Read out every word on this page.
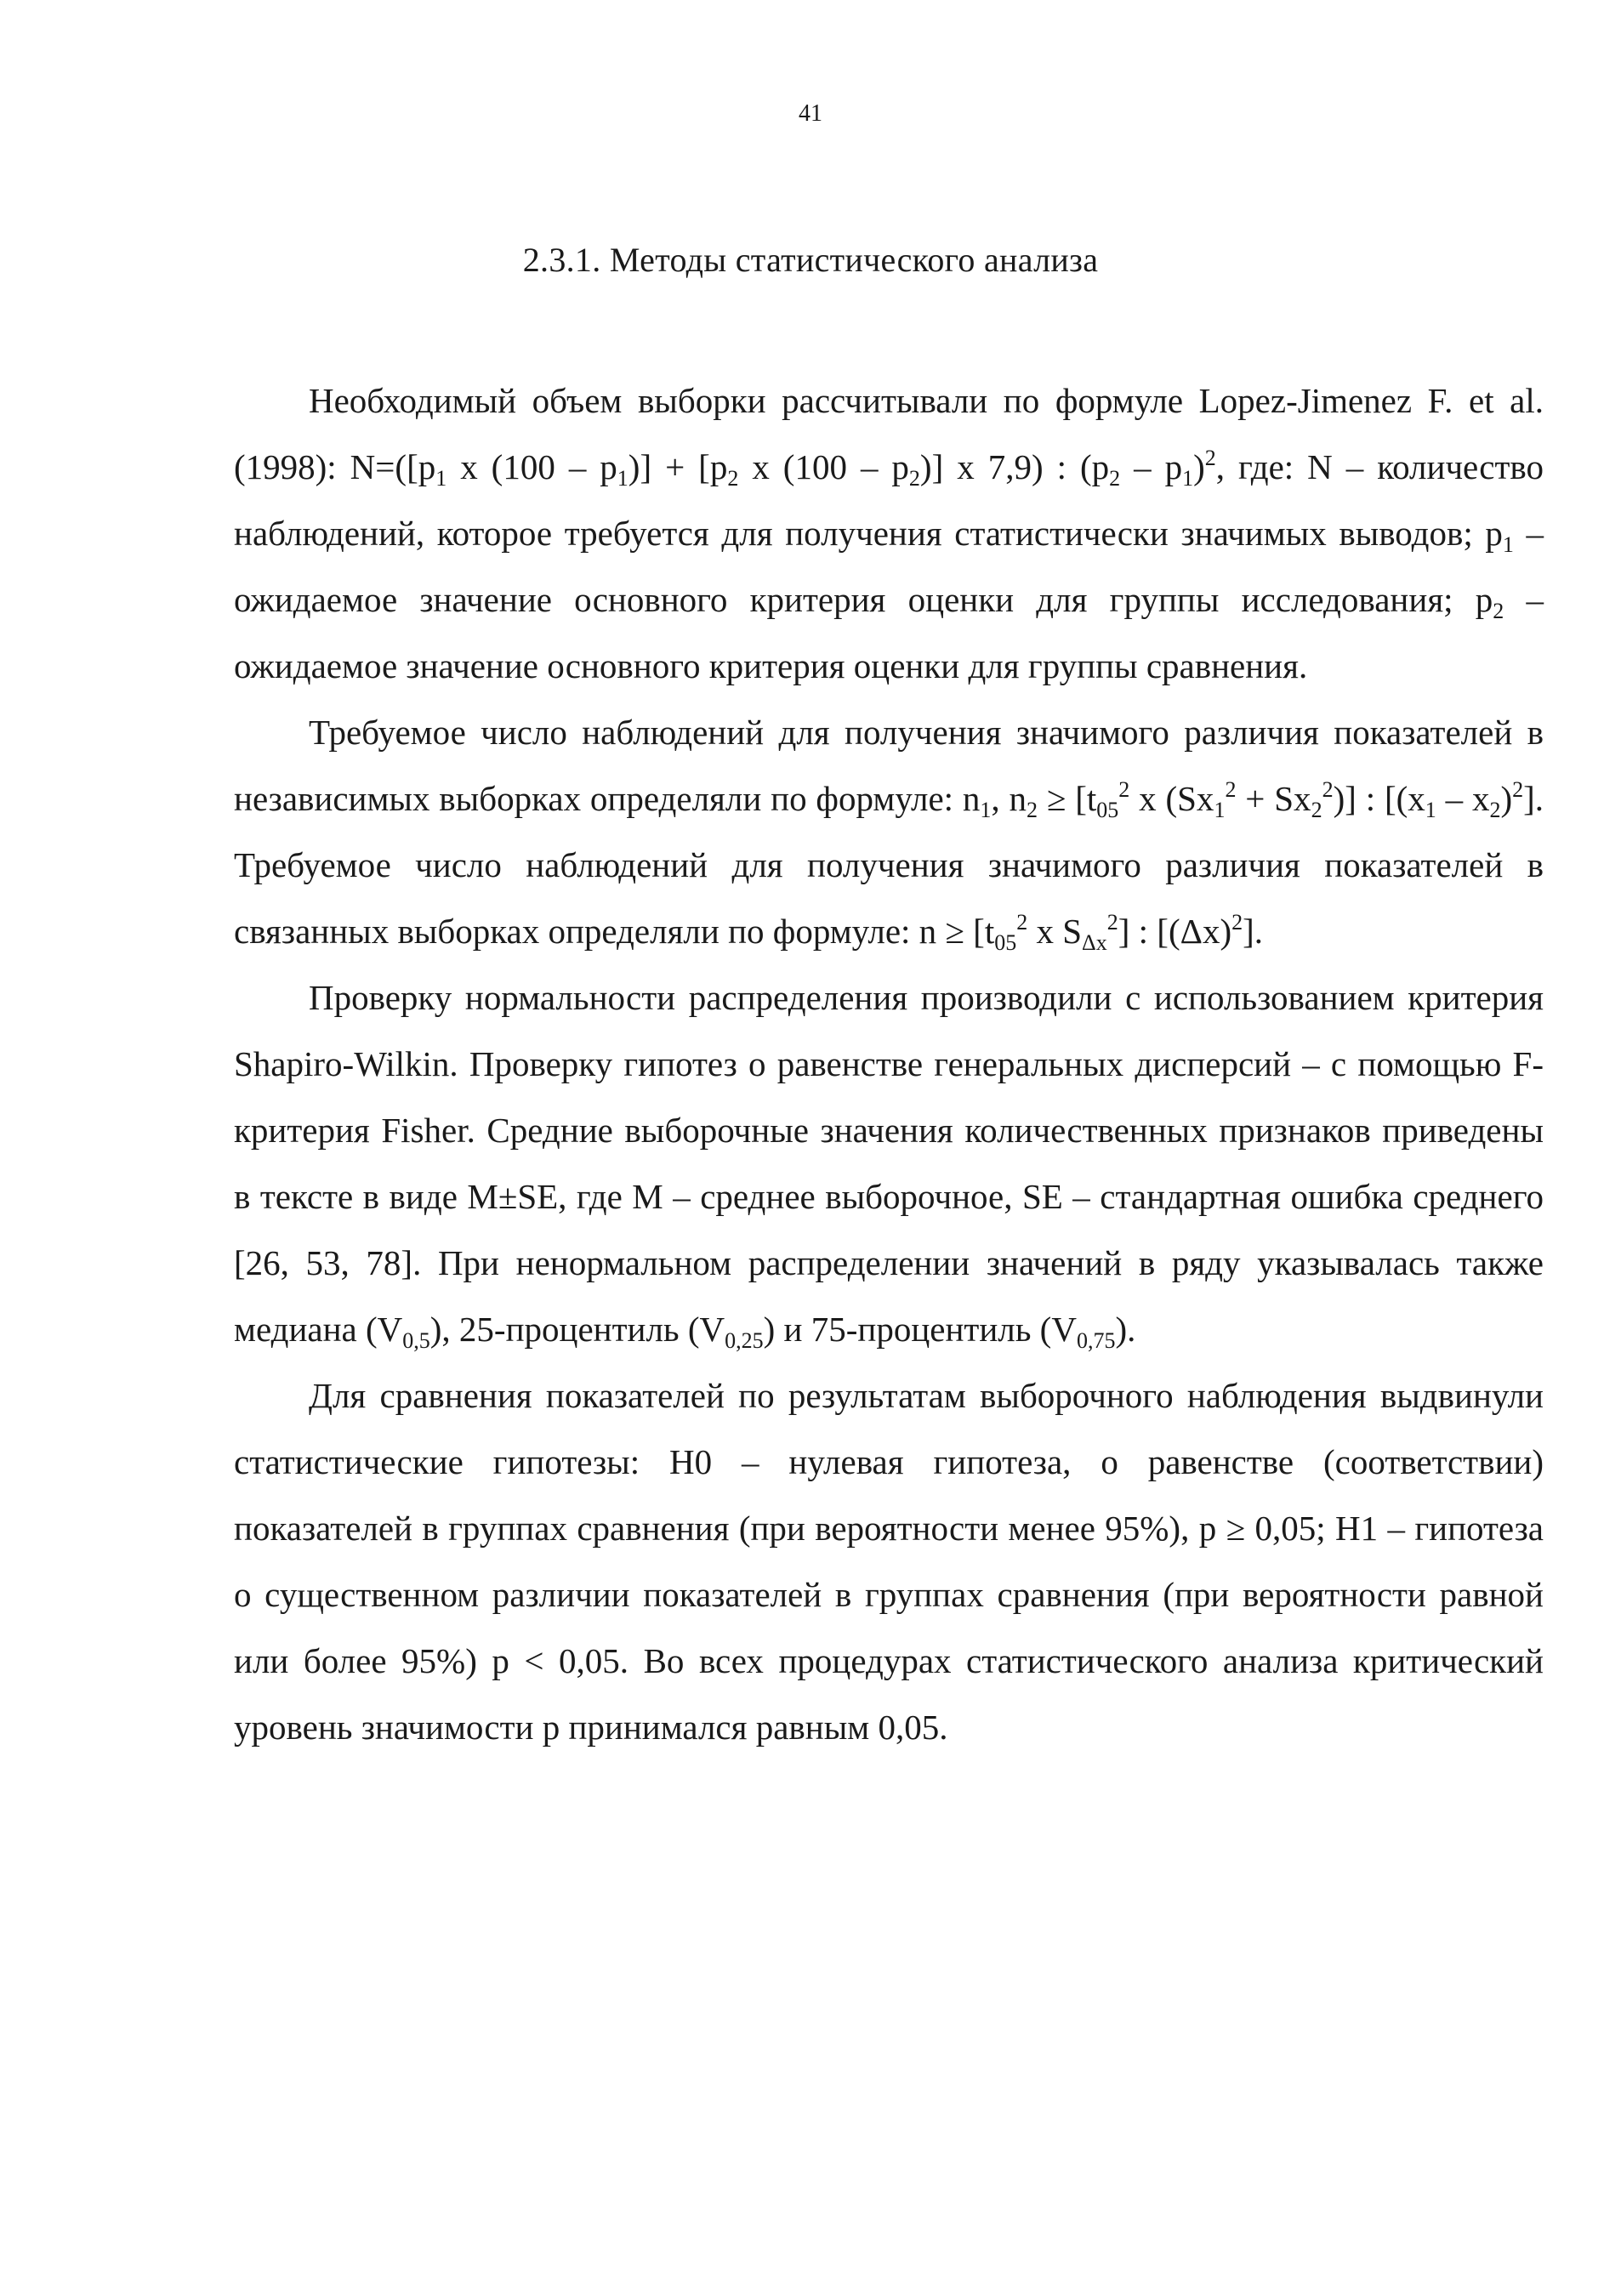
41
2.3.1. Методы статистического анализа

Необходимый объем выборки рассчитывали по формуле Lopez-Jimenez F. et al. (1998): $N=([p_1$ x $(100 - p_1)] + [p_2$ x $(100 - p_2)$] x 7,9) : $(p_2 - p_1)^2$, где: N – количество наблюдений, которое требуется для получения статистически значимых выводов; $p_1$ – ожидаемое значение основного критерия оценки для группы исследования; $p_2$ – ожидаемое значение основного критерия оценки для группы сравнения.

Требуемое число наблюдений для получения значимого различия показателей в независимых выборках определяли по формуле: $n_1$, $n_2 \ge [t_{05}^2$ x $(Sx_1^2 + Sx_2^2)$] : $[(x_1 - x_2)^2]$. Требуемое число наблюдений для получения значимого различия показателей в связанных выборках определяли по формуле: $n \ge [t_{05}^2$ x $S_{\Delta x}^2$] : $[(\Delta x)^2]$.

Проверку нормальности распределения производили с использованием критерия Shapiro-Wilkin. Проверку гипотез о равенстве генеральных дисперсий – с помощью F-критерия Fisher. Средние выборочные значения количественных признаков приведены в тексте в виде M±SE, где M – среднее выборочное, SE – стандартная ошибка среднего [26, 53, 78]. При ненормальном распределении значений в ряду указывалась также медиана $(V_{0,5})$, 25-процентиль $(V_{0,25})$ и 75-процентиль $(V_{0,75})$.

Для сравнения показателей по результатам выборочного наблюдения выдвинули статистические гипотезы: H0 – нулевая гипотеза, о равенстве (соответствии) показателей в группах сравнения (при вероятности менее 95%), p ≥ 0,05; H1 – гипотеза о существенном различии показателей в группах сравнения (при вероятности равной или более 95%) p < 0,05. Во всех процедурах статистического анализа критический уровень значимости p принимался равным 0,05.
